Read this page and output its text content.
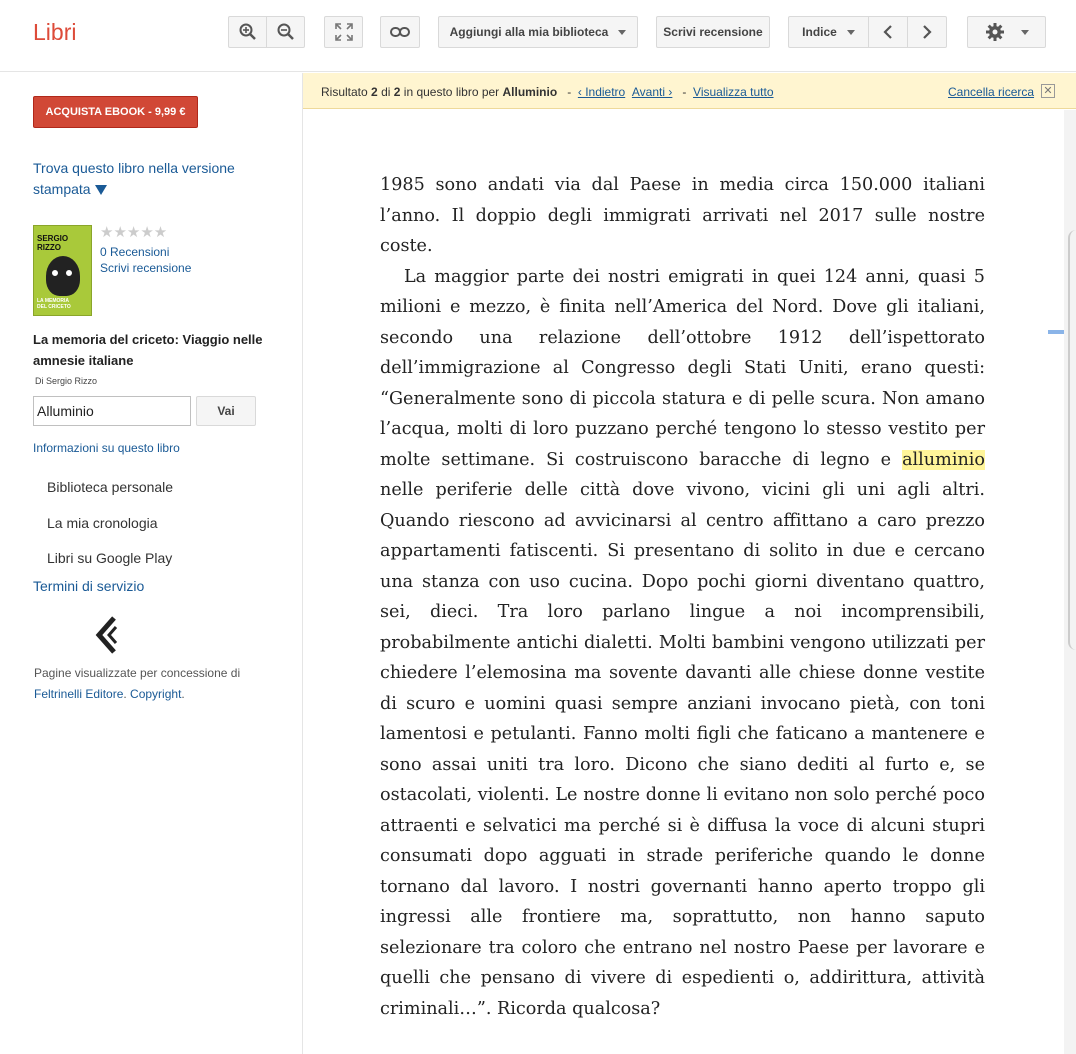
Libri	Aggiungi alla mia biblioteca	Scrivi recensione	Indice
ACQUISTA EBOOK - 9,99 €
Trova questo libro nella versione stampata
SERGIO RIZZO
LA MEMORIA DEL CRICETO
★★★★★
0 Recensioni
Scrivi recensione
La memoria del criceto: Viaggio nelle amnesie italiane
Di Sergio Rizzo
Alluminio
Vai
Informazioni su questo libro
Biblioteca personale
La mia cronologia
Libri su Google Play
Termini di servizio
Pagine visualizzate per concessione di
Feltrinelli Editore. Copyright.
Risultato 2 di 2 in questo libro per Alluminio   -  ‹ Indietro Avanti ›   -  Visualizza tutto	Cancella ricerca ✕

1985 sono andati via dal Paese in media circa 150.000 italiani l’anno. Il doppio degli immigrati arrivati nel 2017 sulle nostre coste.

La maggior parte dei nostri emigrati in quei 124 anni, quasi 5 milioni e mezzo, è finita nell’America del Nord. Dove gli italiani, secondo una relazione dell’ottobre 1912 dell’ispettorato dell’immigrazione al Congresso degli Stati Uniti, erano questi: “Generalmente sono di piccola statura e di pelle scura. Non amano l’acqua, molti di loro puzzano perché tengono lo stesso vestito per molte settimane. Si costruiscono baracche di legno e alluminio nelle periferie delle città dove vivono, vicini gli uni agli altri. Quando riescono ad avvicinarsi al centro affittano a caro prezzo appartamenti fatiscenti. Si presentano di solito in due e cercano una stanza con uso cucina. Dopo pochi giorni diventano quattro, sei, dieci. Tra loro parlano lingue a noi incomprensibili, probabilmente antichi dialetti. Molti bambini vengono utilizzati per chiedere l’elemosina ma sovente davanti alle chiese donne vestite di scuro e uomini quasi sempre anziani invocano pietà, con toni lamentosi e petulanti. Fanno molti figli che faticano a mantenere e sono assai uniti tra loro. Dicono che siano dediti al furto e, se ostacolati, violenti. Le nostre donne li evitano non solo perché poco attraenti e selvatici ma perché si è diffusa la voce di alcuni stupri consumati dopo agguati in strade periferiche quando le donne tornano dal lavoro. I nostri governanti hanno aperto troppo gli ingressi alle frontiere ma, soprattutto, non hanno saputo selezionare tra coloro che entrano nel nostro Paese per lavorare e quelli che pensano di vivere di espedienti o, addirittura, attività criminali…”. Ricorda qualcosa?
